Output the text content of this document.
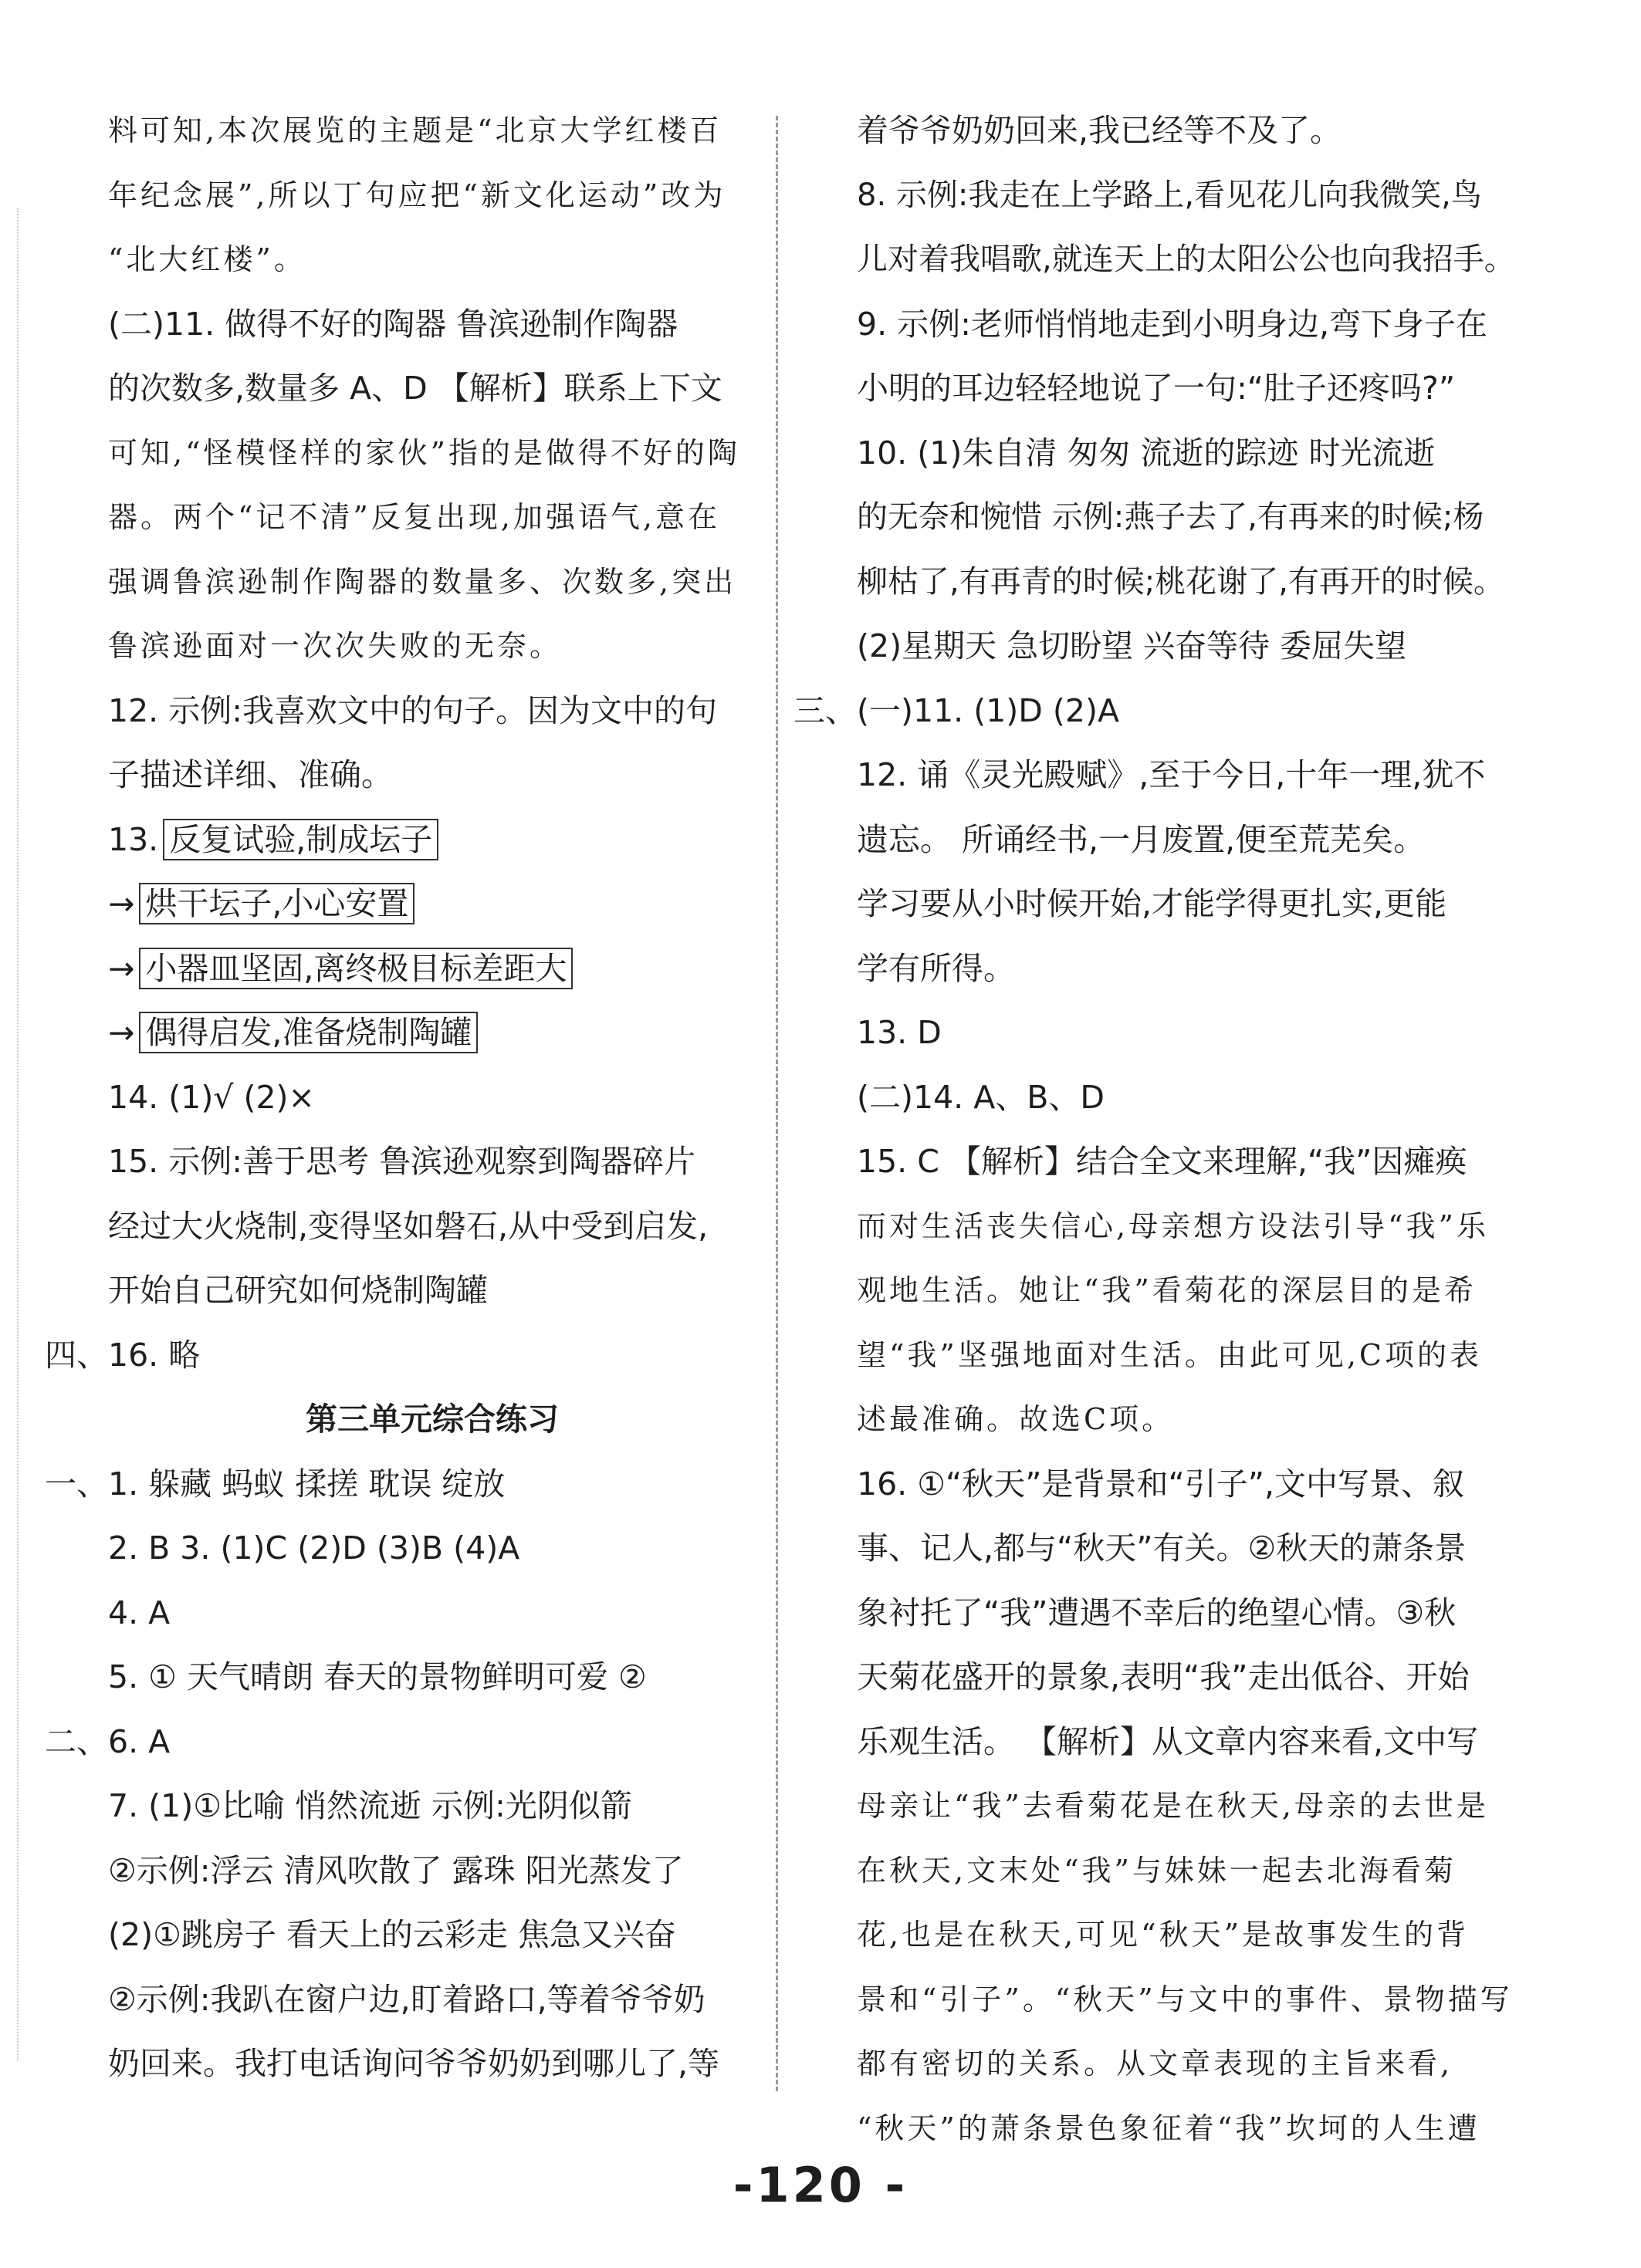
料可知,本次展览的主题是“北京大学红楼百
年纪念展”,所以丁句应把“新文化运动”改为
“北大红楼”。
(二)11. 做得不好的陶器 鲁滨逊制作陶器
的次数多,数量多 A、D 【解析】联系上下文
可知,“怪模怪样的家伙”指的是做得不好的陶
器。两个“记不清”反复出现,加强语气,意在
强调鲁滨逊制作陶器的数量多、次数多,突出
鲁滨逊面对一次次失败的无奈。
12. 示例:我喜欢文中的句子。因为文中的句
子描述详细、准确。
13.反复试验,制成坛子
→ 烘干坛子,小心安置
→ 小器皿坚固,离终极目标差距大
→ 偶得启发,准备烧制陶罐
14. (1)√ (2)×
15. 示例:善于思考 鲁滨逊观察到陶器碎片
经过大火烧制,变得坚如磐石,从中受到启发,
开始自己研究如何烧制陶罐
四、16. 略
第三单元综合练习
一、1. 躲藏 蚂蚁 揉搓 耽误 绽放
2. B 3. (1)C (2)D (3)B (4)A
4. A
5. ① 天气晴朗 春天的景物鲜明可爱 ②
二、6. A
7. (1)①比喻 悄然流逝 示例:光阴似箭
②示例:浮云 清风吹散了 露珠 阳光蒸发了
(2)①跳房子 看天上的云彩走 焦急又兴奋
②示例:我趴在窗户边,盯着路口,等着爷爷奶
奶回来。我打电话询问爷爷奶奶到哪儿了,等
着爷爷奶奶回来,我已经等不及了。
8. 示例:我走在上学路上,看见花儿向我微笑,鸟
儿对着我唱歌,就连天上的太阳公公也向我招手。
9. 示例:老师悄悄地走到小明身边,弯下身子在
小明的耳边轻轻地说了一句:“肚子还疼吗?”
10. (1)朱自清 匆匆 流逝的踪迹 时光流逝
的无奈和惋惜 示例:燕子去了,有再来的时候;杨
柳枯了,有再青的时候;桃花谢了,有再开的时候。
(2)星期天 急切盼望 兴奋等待 委屈失望
三、(一)11. (1)D (2)A
12. 诵《灵光殿赋》,至于今日,十年一理,犹不
遗忘。 所诵经书,一月废置,便至荒芜矣。
学习要从小时候开始,才能学得更扎实,更能
学有所得。
13. D
(二)14. A、B、D
15. C 【解析】结合全文来理解,“我”因瘫痪
而对生活丧失信心,母亲想方设法引导“我”乐
观地生活。她让“我”看菊花的深层目的是希
望“我”坚强地面对生活。由此可见,C项的表
述最准确。故选C项。
16. ①“秋天”是背景和“引子”,文中写景、叙
事、记人,都与“秋天”有关。②秋天的萧条景
象衬托了“我”遭遇不幸后的绝望心情。③秋
天菊花盛开的景象,表明“我”走出低谷、开始
乐观生活。 【解析】从文章内容来看,文中写
母亲让“我”去看菊花是在秋天,母亲的去世是
在秋天,文末处“我”与妹妹一起去北海看菊
花,也是在秋天,可见“秋天”是故事发生的背
景和“引子”。“秋天”与文中的事件、景物描写
都有密切的关系。从文章表现的主旨来看,
“秋天”的萧条景色象征着“我”坎坷的人生遭
-120 -
